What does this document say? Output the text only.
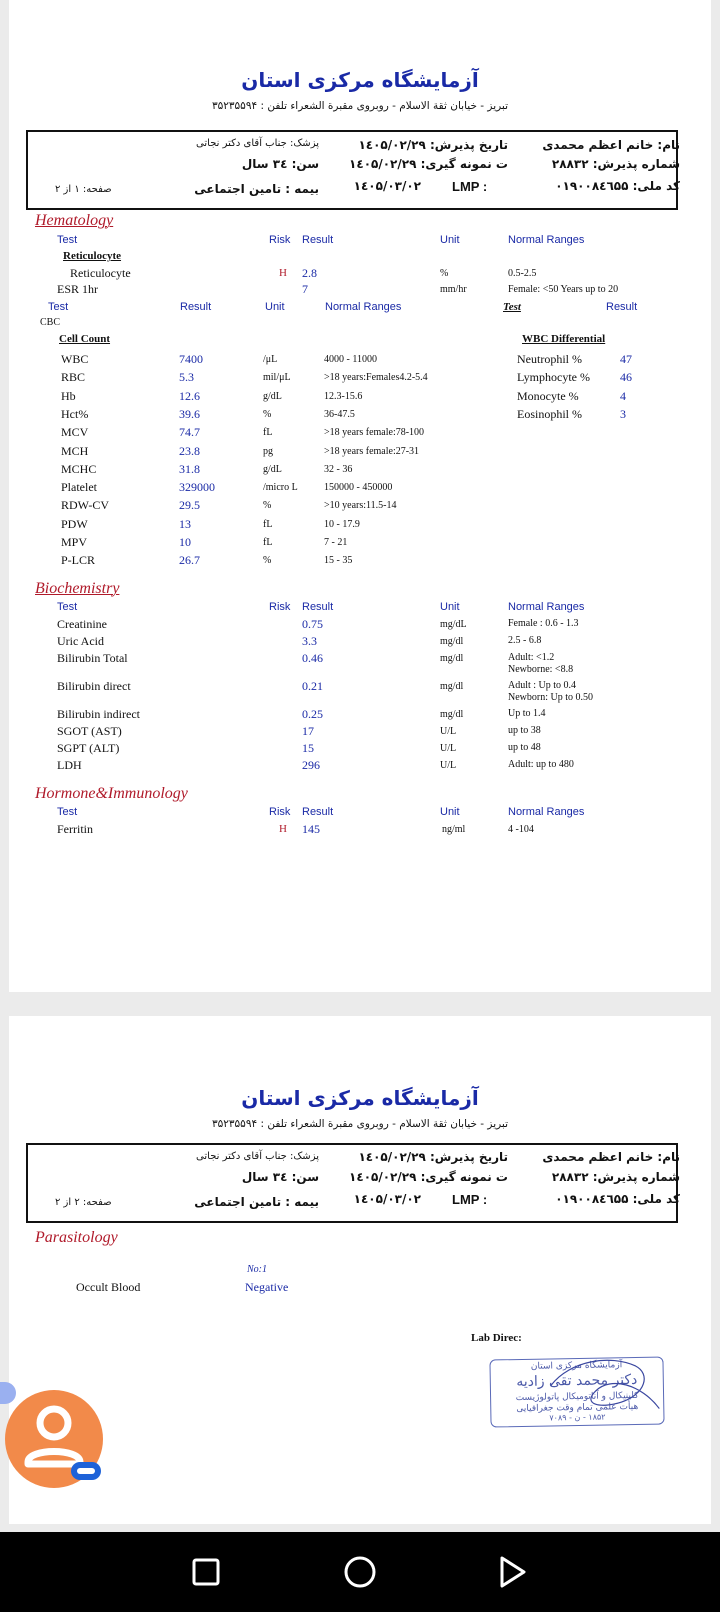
آزمایشگاه مرکزی استان
تبریز - خیابان ثقة الاسلام - روبروی مقبرة الشعراء تلفن : ۳۵۲۳۵۵۹۴
نام: خانم اعظم محمدی
شماره پذیرش: ۲۸۸۳۲
کد ملی: ۰۱۹۰۰۸٤٦۵۵
تاریخ پذیرش: ۱٤۰۵/۰۲/۲۹
ت نمونه گیری: ۱٤۰۵/۰۲/۲۹
LMP :
۱٤۰۵/۰۳/۰۲
پزشک: جناب آقای دکتر نجاتی
سن: ۳٤ سال
بیمه : تامین اجتماعی
صفحه: ۱ از ۲
Hematology
Test	Risk Result	Unit	Normal Ranges
Reticulocyte
Reticulocyte	H 2.8	%	0.5-2.5
ESR 1hr	7	mm/hr	Female: <50 Years up to 20
Test	Result	Unit	Normal Ranges	Test	Result
CBC
Cell Count	WBC Differential
WBC	7400	/μL	4000 - 11000
RBC	5.3	mil/μL	>18 years:Females4.2-5.4
Hb	12.6	g/dL	12.3-15.6
Hct%	39.6	%	36-47.5
MCV	74.7	fL	>18 years female:78-100
MCH	23.8	pg	>18 years female:27-31
MCHC	31.8	g/dL	32 - 36
Platelet	329000	/micro L	150000 - 450000
RDW-CV	29.5	%	>10 years:11.5-14
PDW	13	fL	10 - 17.9
MPV	10	fL	7 - 21
P-LCR	26.7	%	15 - 35
Neutrophil %	47
Lymphocyte %	46
Monocyte %	4
Eosinophil %	3
Biochemistry
Test	Risk Result	Unit	Normal Ranges
Creatinine	0.75	mg/dL	Female : 0.6 - 1.3
Uric Acid	3.3	mg/dl	2.5 - 6.8
Bilirubin Total	0.46	mg/dl	Adult: <1.2
Newborne: <8.8
Bilirubin direct	0.21	mg/dl	Adult : Up to 0.4
Newborn: Up to 0.50
Bilirubin indirect	0.25	mg/dl	Up to 1.4
SGOT (AST)	17	U/L	up to 38
SGPT (ALT)	15	U/L	up to 48
LDH	296	U/L	Adult: up to 480
Hormone&Immunology
Test	Risk Result	Unit	Normal Ranges
Ferritin	H 145	ng/ml	4 -104
آزمایشگاه مرکزی استان
تبریز - خیابان ثقة الاسلام - روبروی مقبرة الشعراء تلفن : ۳۵۲۳۵۵۹۴
نام: خانم اعظم محمدی
شماره پذیرش: ۲۸۸۳۲
کد ملی: ۰۱۹۰۰۸٤٦۵۵
تاریخ پذیرش: ۱٤۰۵/۰۲/۲۹
ت نمونه گیری: ۱٤۰۵/۰۲/۲۹
LMP :
۱٤۰۵/۰۳/۰۲
پزشک: جناب آقای دکتر نجاتی
سن: ۳٤ سال
بیمه : تامین اجتماعی
صفحه: ۲ از ۲
Parasitology
No:1
Occult Blood	Negative
Lab Direc:
آزمایشگاه مرکزی استان
دکتر محمد تقی زادیه
کلینیکال و آناتومیکال پاتولوژیست
هیأت علمی تمام وقت جغرافیایی
۱۸۵۲ - ن - ۷۰۸۹
